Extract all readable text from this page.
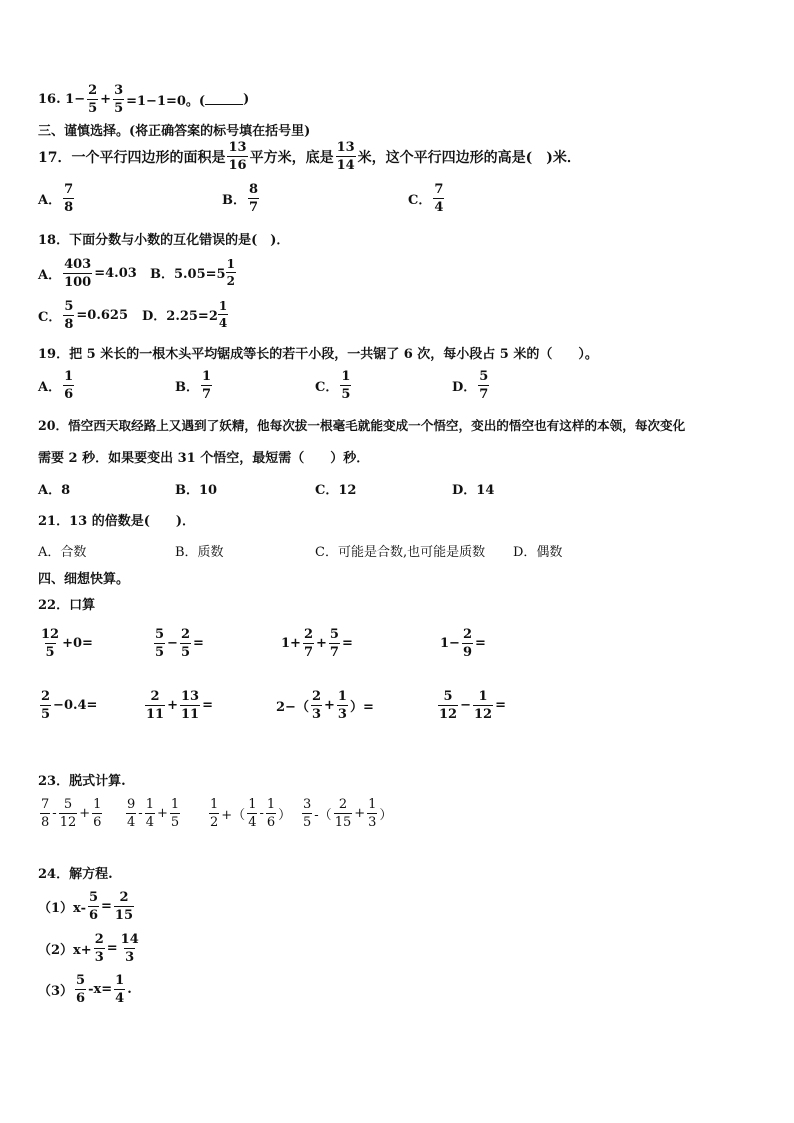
16.
$1- \frac{2}{5} + \frac{3}{5} =1-1=0$。(	)
三、谨慎选择。(将正确答案的标号填在括号里)
17．一个平行四边形的面积是 $\frac{13}{16}$ 平方米，底是 $\frac{13}{14}$ 米，这个平行四边形的高是(　)米．
A． $\frac{7}{8}$	B． $\frac{8}{7}$	C． $\frac{7}{4}$
18．下面分数与小数的互化错误的是(　)．
A． $\frac{403}{100} =4.03$ B．$5.05=5 \frac{1}{2}$
C． $\frac{5}{8} =0.625$ D．$2.25=2 \frac{1}{4}$
19．把 5 米长的一根木头平均锯成等长的若干小段，一共锯了 6 次，每小段占 5 米的（　　）。
A． $\frac{1}{6}$	B． $\frac{1}{7}$	C． $\frac{1}{5}$	D． $\frac{5}{7}$
20．悟空西天取经路上又遇到了妖精，他每次拔一根毫毛就能变成一个悟空，变出的悟空也有这样的本领，每次变化
需要 2 秒．如果要变出 31 个悟空，最短需（　　）秒．
A．8	B．10	C．12	D．14
21．13 的倍数是(　　)．
A．合数	B．质数	C．可能是合数,也可能是质数 D．偶数
四、细想快算。
22．口算
$\frac{12}{5} +0=$	$\frac{5}{5} - \frac{2}{5}$ =	$1+ \frac{2}{7} + \frac{5}{7}$ =	$1- \frac{2}{9}$ =
$\frac{2}{5} -0.4=$	$\frac{2}{11} + \frac{13}{11}$ =	$2-( \frac{2}{3} + \frac{1}{3}$ ）=	$\frac{5}{12} - \frac{1}{12}$ =
23．脱式计算.
$\frac{7}{8} - \frac{5}{12} + \frac{1}{6} \frac{9}{4} - \frac{1}{4} + \frac{1}{5} \frac{1}{2}$ +（ $\frac{1}{4} - \frac{1}{6}$ ） $\frac{3}{5}$ -（ $\frac{2}{15} + \frac{1}{3}$ ）
24．解方程.
$(1)x- \frac{5}{6} = \frac{2}{15}$
$(2)x+ \frac{2}{3} = \frac{14}{3}$
$(3) \frac{5}{6} -x= \frac{1}{4}$ .
